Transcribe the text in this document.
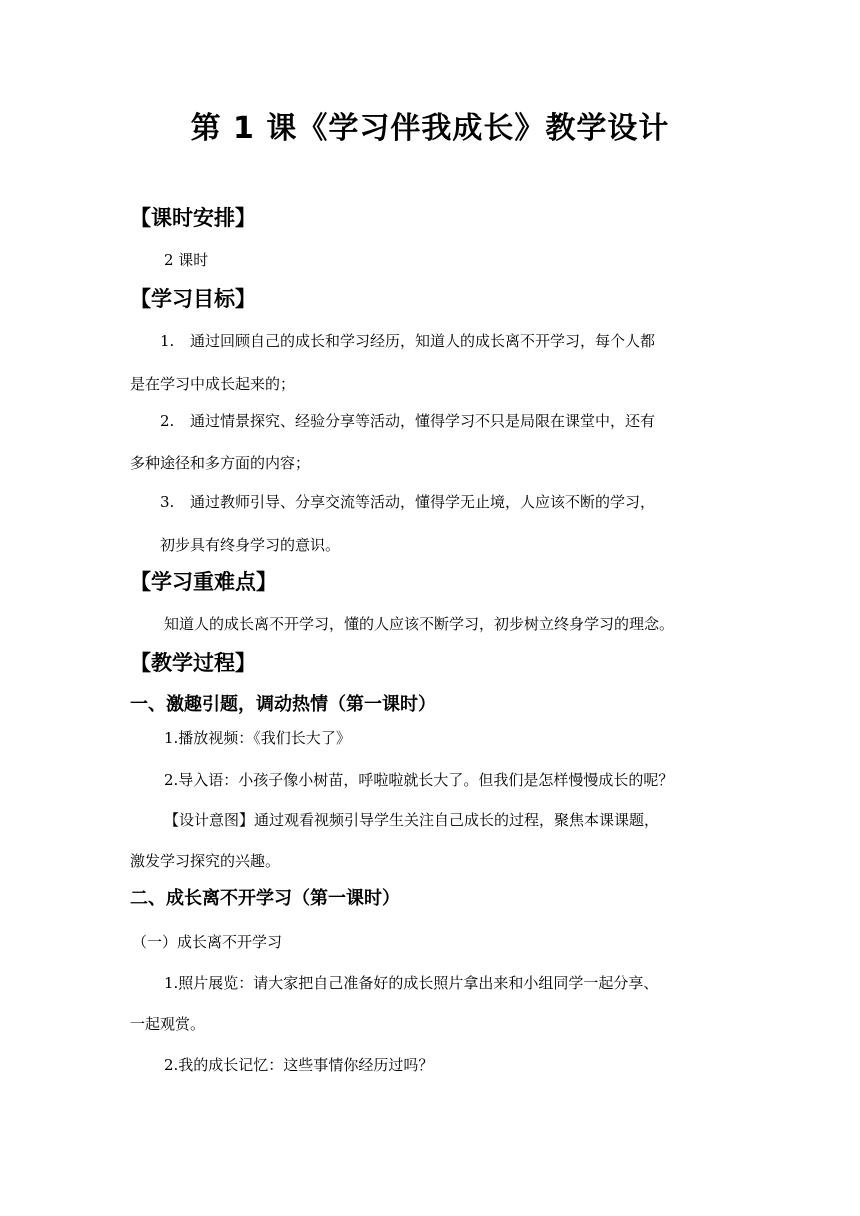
第 1 课《学习伴我成长》教学设计
【课时安排】
2 课时
【学习目标】
1. 通过回顾自己的成长和学习经历，知道人的成长离不开学习，每个人都
是在学习中成长起来的；
2. 通过情景探究、经验分享等活动，懂得学习不只是局限在课堂中，还有
多种途径和多方面的内容；
3. 通过教师引导、分享交流等活动，懂得学无止境，人应该不断的学习，
初步具有终身学习的意识。
【学习重难点】
知道人的成长离不开学习，懂的人应该不断学习，初步树立终身学习的理念。
【教学过程】
一、激趣引题，调动热情（第一课时）
1.播放视频：《我们长大了》
2.导入语：小孩子像小树苗，呼啦啦就长大了。但我们是怎样慢慢成长的呢？
【设计意图】通过观看视频引导学生关注自己成长的过程，聚焦本课课题，
激发学习探究的兴趣。
二、成长离不开学习（第一课时）
（一）成长离不开学习
1.照片展览：请大家把自己准备好的成长照片拿出来和小组同学一起分享、
一起观赏。
2.我的成长记忆：这些事情你经历过吗？
